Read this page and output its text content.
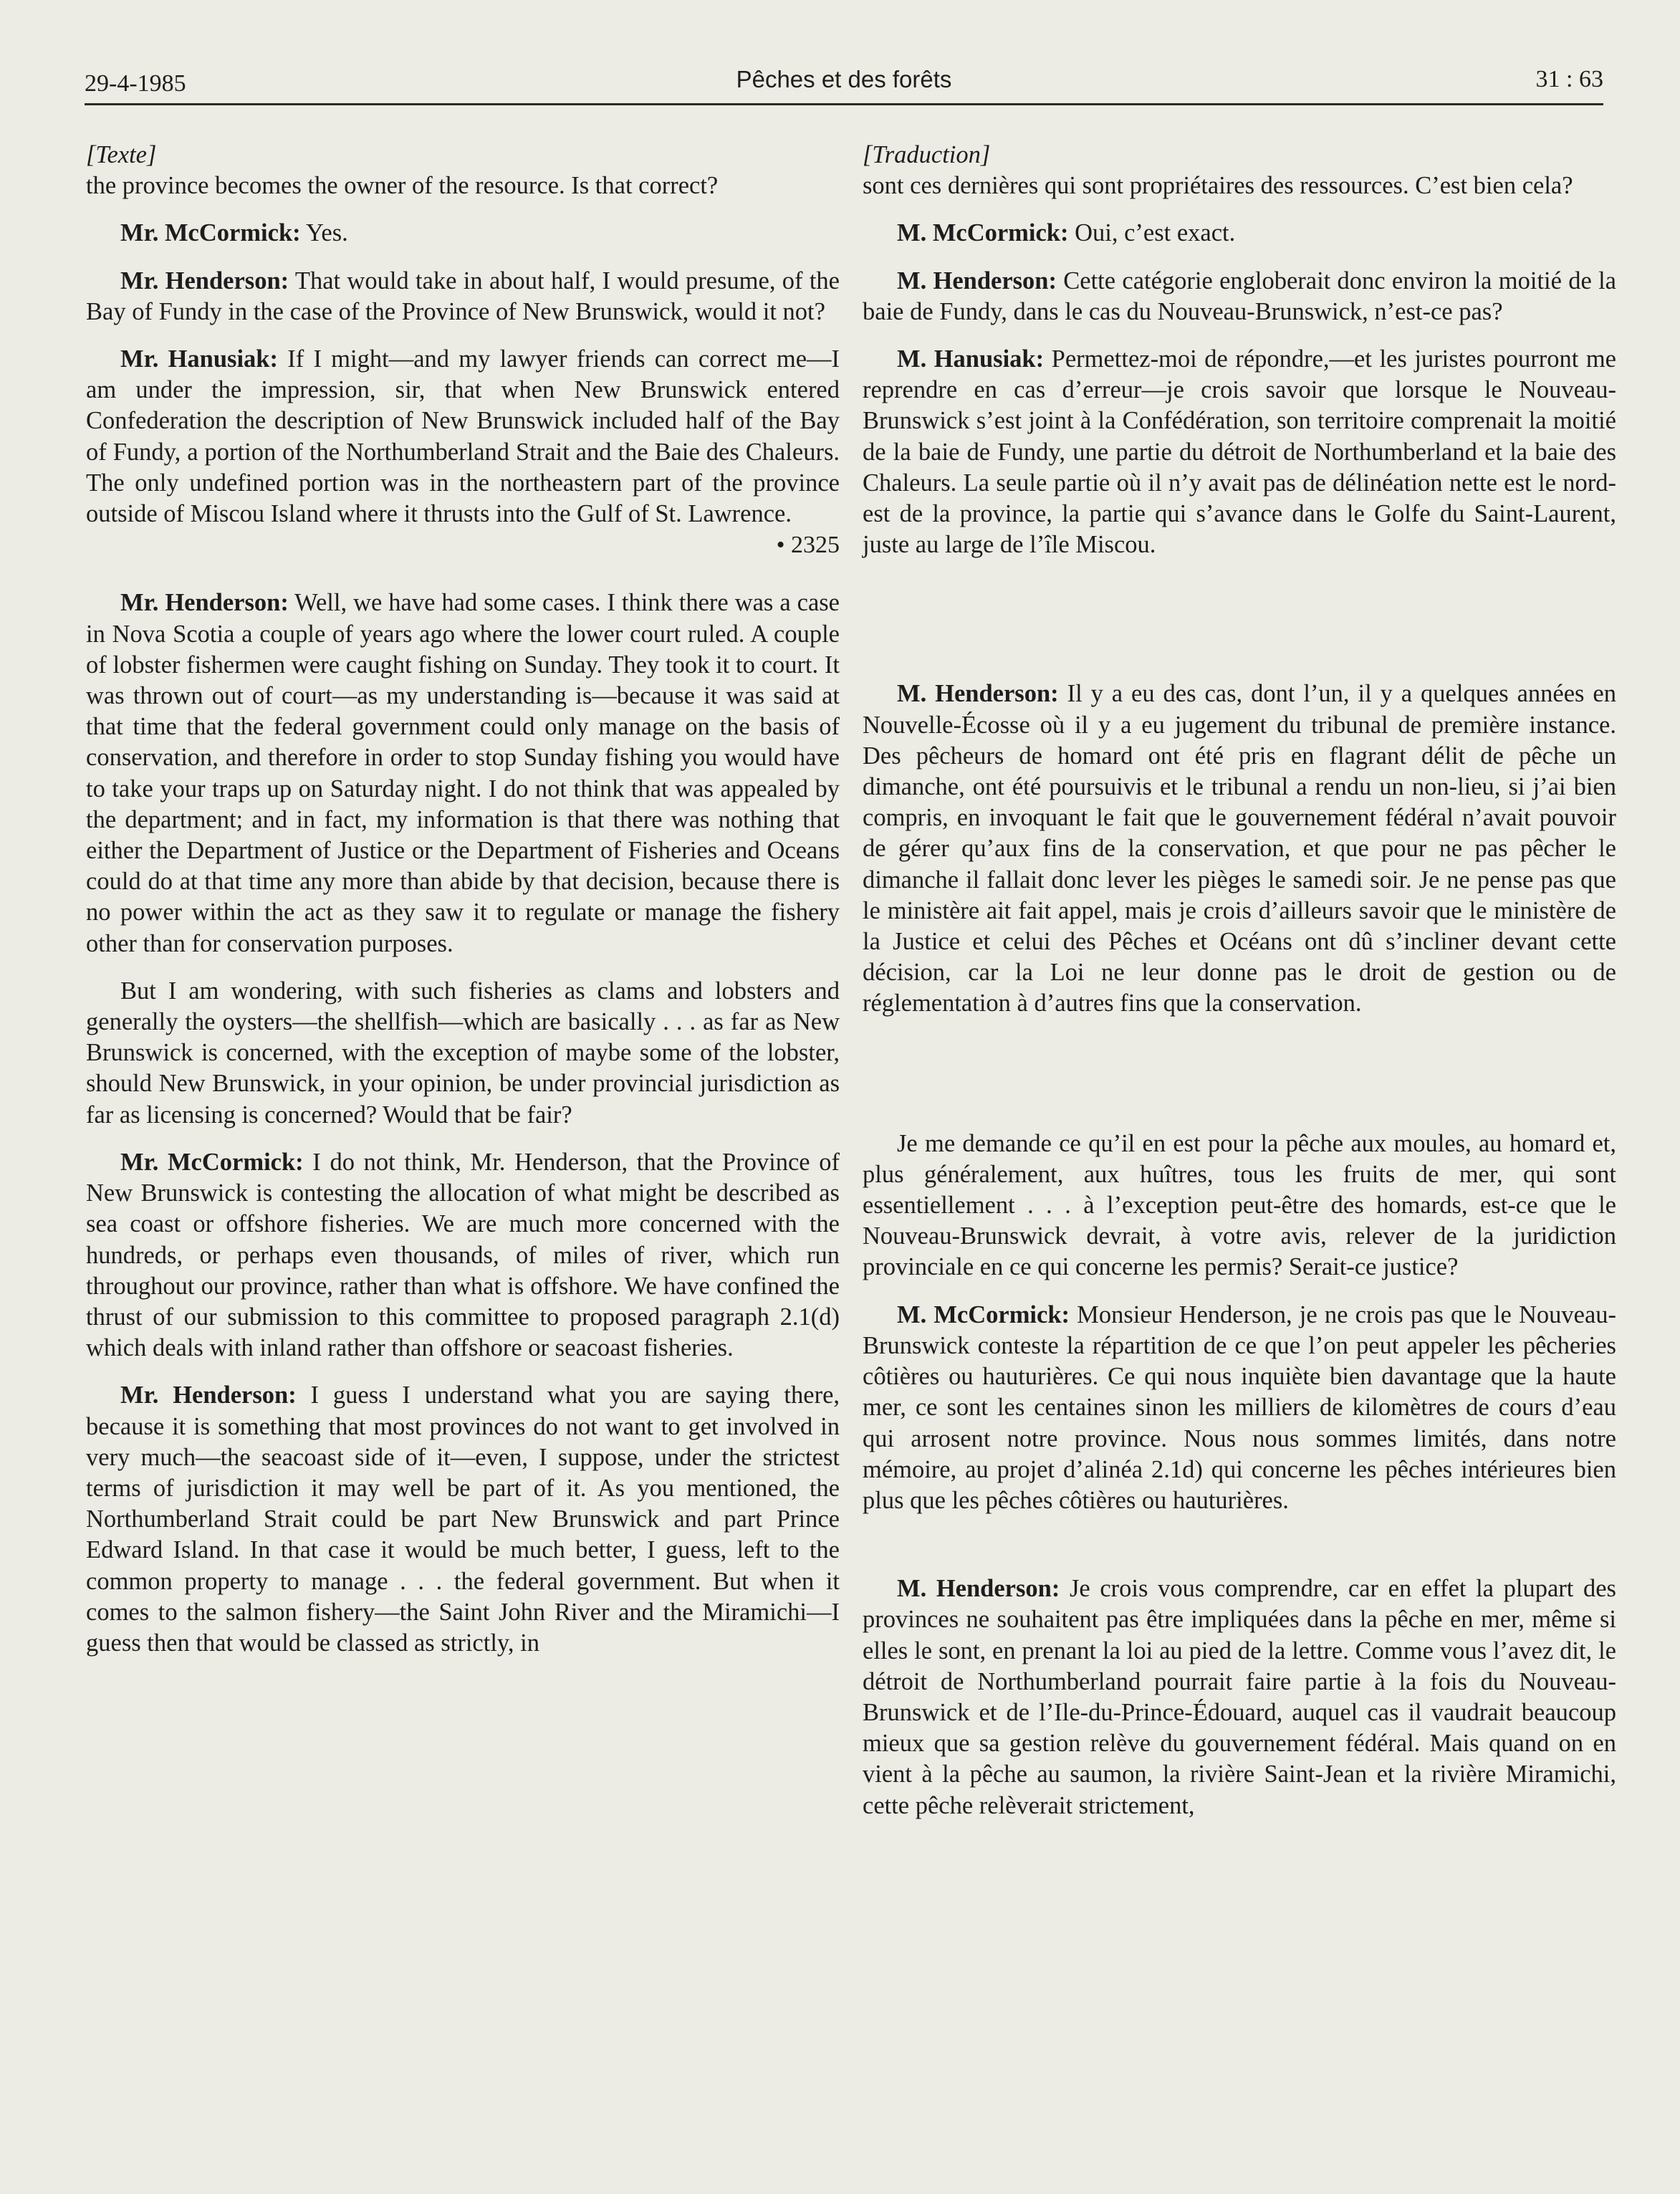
29-4-1985	Pêches et des forêts	31 : 63

[Texte]

the province becomes the owner of the resource. Is that correct?

Mr. McCormick: Yes.

Mr. Henderson: That would take in about half, I would presume, of the Bay of Fundy in the case of the Province of New Brunswick, would it not?

Mr. Hanusiak: If I might—and my lawyer friends can correct me—I am under the impression, sir, that when New Brunswick entered Confederation the description of New Brunswick included half of the Bay of Fundy, a portion of the Northumberland Strait and the Baie des Chaleurs. The only undefined portion was in the northeastern part of the province outside of Miscou Island where it thrusts into the Gulf of St. Lawrence.

• 2325

Mr. Henderson: Well, we have had some cases. I think there was a case in Nova Scotia a couple of years ago where the lower court ruled. A couple of lobster fishermen were caught fishing on Sunday. They took it to court. It was thrown out of court—as my understanding is—because it was said at that time that the federal government could only manage on the basis of conservation, and therefore in order to stop Sunday fishing you would have to take your traps up on Saturday night. I do not think that was appealed by the department; and in fact, my information is that there was nothing that either the Department of Justice or the Department of Fisheries and Oceans could do at that time any more than abide by that decision, because there is no power within the act as they saw it to regulate or manage the fishery other than for conservation purposes.

But I am wondering, with such fisheries as clams and lobsters and generally the oysters—the shellfish—which are basically . . . as far as New Brunswick is concerned, with the exception of maybe some of the lobster, should New Brunswick, in your opinion, be under provincial jurisdiction as far as licensing is concerned? Would that be fair?

Mr. McCormick: I do not think, Mr. Henderson, that the Province of New Brunswick is contesting the allocation of what might be described as sea coast or offshore fisheries. We are much more concerned with the hundreds, or perhaps even thousands, of miles of river, which run throughout our province, rather than what is offshore. We have confined the thrust of our submission to this committee to proposed paragraph 2.1(d) which deals with inland rather than offshore or seacoast fisheries.

Mr. Henderson: I guess I understand what you are saying there, because it is something that most provinces do not want to get involved in very much—the seacoast side of it—even, I suppose, under the strictest terms of jurisdiction it may well be part of it. As you mentioned, the Northumberland Strait could be part New Brunswick and part Prince Edward Island. In that case it would be much better, I guess, left to the common property to manage . . . the federal government. But when it comes to the salmon fishery—the Saint John River and the Miramichi—I guess then that would be classed as strictly, in

[Traduction]

sont ces dernières qui sont propriétaires des ressources. C’est bien cela?

M. McCormick: Oui, c’est exact.

M. Henderson: Cette catégorie engloberait donc environ la moitié de la baie de Fundy, dans le cas du Nouveau-Brunswick, n’est-ce pas?

M. Hanusiak: Permettez-moi de répondre,—et les juristes pourront me reprendre en cas d’erreur—je crois savoir que lorsque le Nouveau-Brunswick s’est joint à la Confédération, son territoire comprenait la moitié de la baie de Fundy, une partie du détroit de Northumberland et la baie des Chaleurs. La seule partie où il n’y avait pas de délinéation nette est le nord-est de la province, la partie qui s’avance dans le Golfe du Saint-Laurent, juste au large de l’île Miscou.

M. Henderson: Il y a eu des cas, dont l’un, il y a quelques années en Nouvelle-Écosse où il y a eu jugement du tribunal de première instance. Des pêcheurs de homard ont été pris en flagrant délit de pêche un dimanche, ont été poursuivis et le tribunal a rendu un non-lieu, si j’ai bien compris, en invoquant le fait que le gouvernement fédéral n’avait pouvoir de gérer qu’aux fins de la conservation, et que pour ne pas pêcher le dimanche il fallait donc lever les pièges le samedi soir. Je ne pense pas que le ministère ait fait appel, mais je crois d’ailleurs savoir que le ministère de la Justice et celui des Pêches et Océans ont dû s’incliner devant cette décision, car la Loi ne leur donne pas le droit de gestion ou de réglementation à d’autres fins que la conservation.

Je me demande ce qu’il en est pour la pêche aux moules, au homard et, plus généralement, aux huîtres, tous les fruits de mer, qui sont essentiellement . . . à l’exception peut-être des homards, est-ce que le Nouveau-Brunswick devrait, à votre avis, relever de la juridiction provinciale en ce qui concerne les permis? Serait-ce justice?

M. McCormick: Monsieur Henderson, je ne crois pas que le Nouveau-Brunswick conteste la répartition de ce que l’on peut appeler les pêcheries côtières ou hauturières. Ce qui nous inquiète bien davantage que la haute mer, ce sont les centaines sinon les milliers de kilomètres de cours d’eau qui arrosent notre province. Nous nous sommes limités, dans notre mémoire, au projet d’alinéa 2.1d) qui concerne les pêches intérieures bien plus que les pêches côtières ou hauturières.

M. Henderson: Je crois vous comprendre, car en effet la plupart des provinces ne souhaitent pas être impliquées dans la pêche en mer, même si elles le sont, en prenant la loi au pied de la lettre. Comme vous l’avez dit, le détroit de Northumberland pourrait faire partie à la fois du Nouveau-Brunswick et de l’Ile-du-Prince-Édouard, auquel cas il vaudrait beaucoup mieux que sa gestion relève du gouvernement fédéral. Mais quand on en vient à la pêche au saumon, la rivière Saint-Jean et la rivière Miramichi, cette pêche relèverait strictement,
